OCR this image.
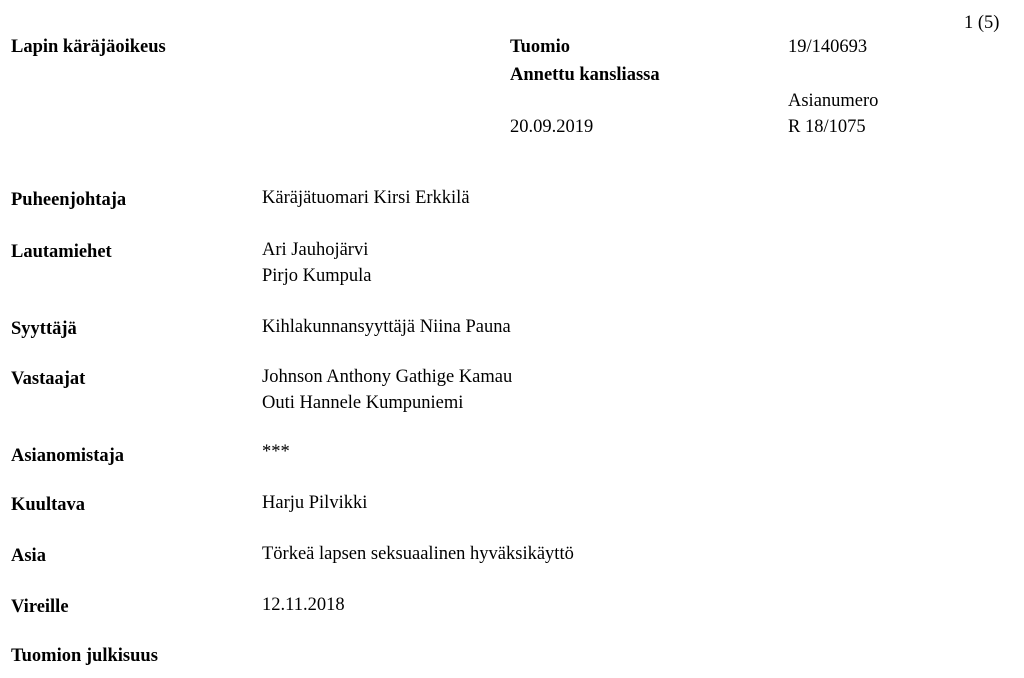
1 (5)
Lapin käräjäoikeus	Tuomio
Annettu kansliassa
19/140693
Asianumero
20.09.2019	R 18/1075
Puheenjohtaja	Käräjätuomari Kirsi Erkkilä
Lautamiehet	Ari Jauhojärvi
Pirjo Kumpula
Syyttäjä	Kihlakunnansyyttäjä Niina Pauna
Vastaajat	Johnson Anthony Gathige Kamau
Outi Hannele Kumpuniemi
Asianomistaja	***
Kuultava	Harju Pilvikki
Asia	Törkeä lapsen seksuaalinen hyväksikäyttö
Vireille	12.11.2018
Tuomion julkisuus
